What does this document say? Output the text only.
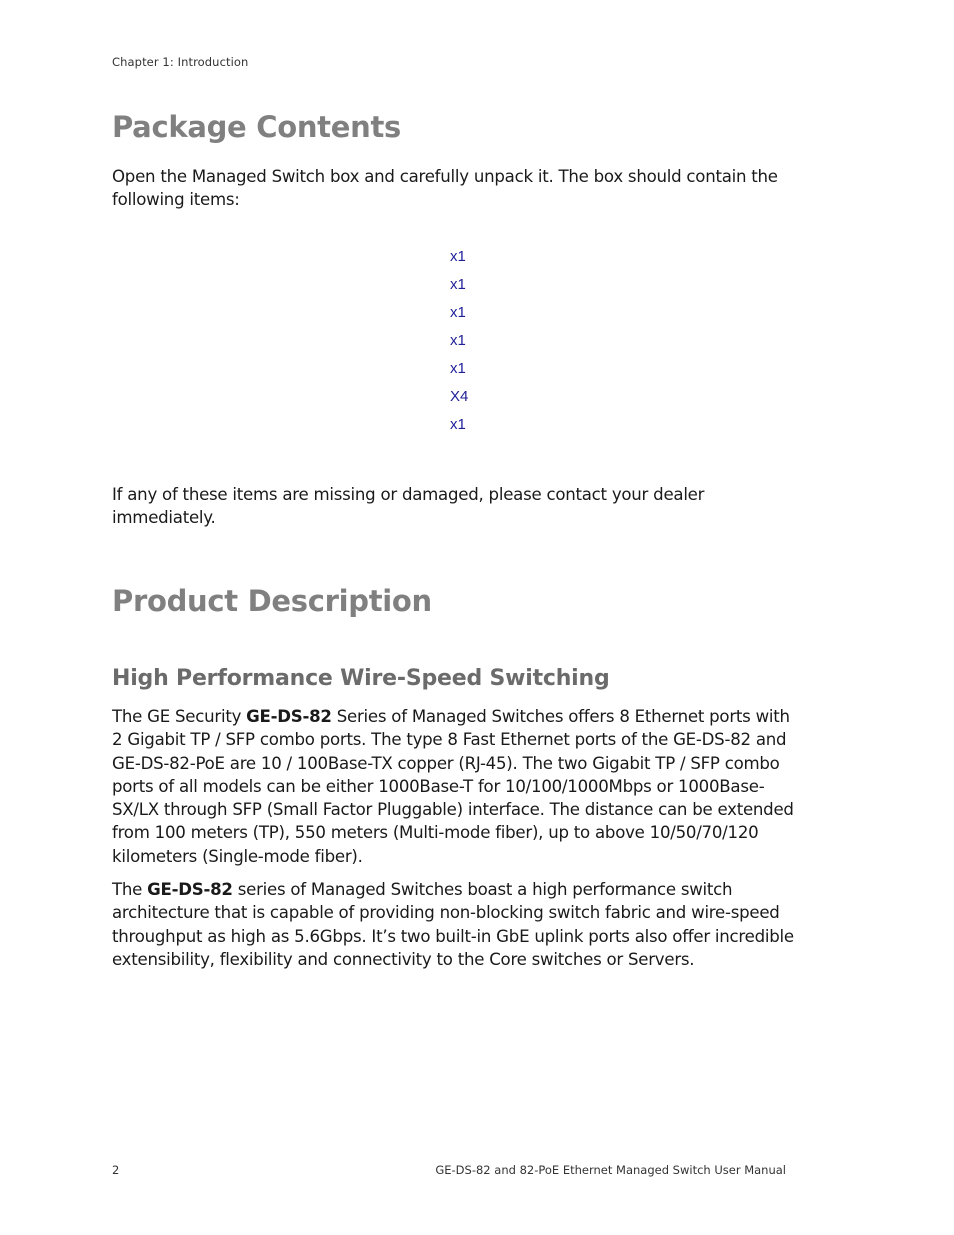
Chapter 1: Introduction
Package Contents

Open the Managed Switch box and carefully unpack it. The box should contain the following items:

x1
x1
x1
x1
x1
X4
x1

If any of these items are missing or damaged, please contact your dealer immediately.

Product Description
High Performance Wire-Speed Switching

The GE Security GE-DS-82 Series of Managed Switches offers 8 Ethernet ports with 2 Gigabit TP / SFP combo ports. The type 8 Fast Ethernet ports of the GE-DS-82 and GE-DS-82-PoE are 10 / 100Base-TX copper (RJ-45). The two Gigabit TP / SFP combo ports of all models can be either 1000Base-T for 10/100/1000Mbps or 1000Base-SX/LX through SFP (Small Factor Pluggable) interface. The distance can be extended from 100 meters (TP), 550 meters (Multi-mode fiber), up to above 10/50/70/120 kilometers (Single-mode fiber).

The GE-DS-82 series of Managed Switches boast a high performance switch architecture that is capable of providing non-blocking switch fabric and wire-speed throughput as high as 5.6Gbps. It’s two built-in GbE uplink ports also offer incredible extensibility, flexibility and connectivity to the Core switches or Servers.

2	GE-DS-82 and 82-PoE Ethernet Managed Switch User Manual
